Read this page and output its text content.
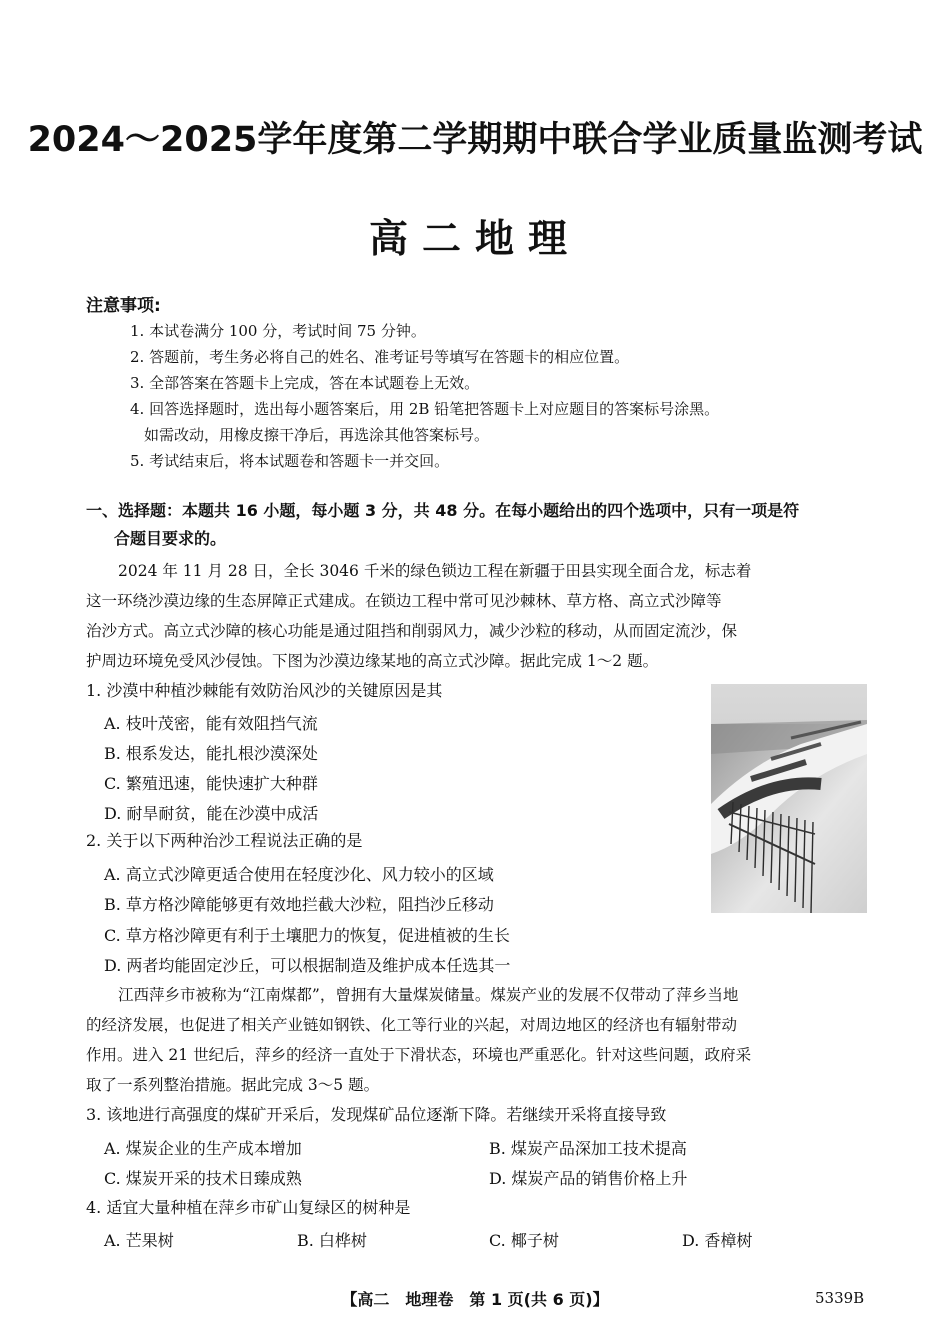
2024～2025学年度第二学期期中联合学业质量监测考试
高二地理
注意事项:
1. 本试卷满分 100 分，考试时间 75 分钟。
2. 答题前，考生务必将自己的姓名、准考证号等填写在答题卡的相应位置。
3. 全部答案在答题卡上完成，答在本试题卷上无效。
4. 回答选择题时，选出每小题答案后，用 2B 铅笔把答题卡上对应题目的答案标号涂黑。
如需改动，用橡皮擦干净后，再选涂其他答案标号。
5. 考试结束后，将本试题卷和答题卡一并交回。
一、选择题：本题共 16 小题，每小题 3 分，共 48 分。在每小题给出的四个选项中，只有一项是符
合题目要求的。
2024 年 11 月 28 日，全长 3046 千米的绿色锁边工程在新疆于田县实现全面合龙，标志着
这一环绕沙漠边缘的生态屏障正式建成。在锁边工程中常可见沙棘林、草方格、高立式沙障等
治沙方式。高立式沙障的核心功能是通过阻挡和削弱风力，减少沙粒的移动，从而固定流沙，保
护周边环境免受风沙侵蚀。下图为沙漠边缘某地的高立式沙障。据此完成 1～2 题。
1. 沙漠中种植沙棘能有效防治风沙的关键原因是其
A. 枝叶茂密，能有效阻挡气流
B. 根系发达，能扎根沙漠深处
C. 繁殖迅速，能快速扩大种群
D. 耐旱耐贫，能在沙漠中成活
2. 关于以下两种治沙工程说法正确的是
A. 高立式沙障更适合使用在轻度沙化、风力较小的区域
B. 草方格沙障能够更有效地拦截大沙粒，阻挡沙丘移动
C. 草方格沙障更有利于土壤肥力的恢复，促进植被的生长
D. 两者均能固定沙丘，可以根据制造及维护成本任选其一
江西萍乡市被称为“江南煤都”，曾拥有大量煤炭储量。煤炭产业的发展不仅带动了萍乡当地
的经济发展，也促进了相关产业链如钢铁、化工等行业的兴起，对周边地区的经济也有辐射带动
作用。进入 21 世纪后，萍乡的经济一直处于下滑状态，环境也严重恶化。针对这些问题，政府采
取了一系列整治措施。据此完成 3～5 题。
3. 该地进行高强度的煤矿开采后，发现煤矿品位逐渐下降。若继续开采将直接导致
A. 煤炭企业的生产成本增加	B. 煤炭产品深加工技术提高
C. 煤炭开采的技术日臻成熟	D. 煤炭产品的销售价格上升
4. 适宜大量种植在萍乡市矿山复绿区的树种是
A. 芒果树	B. 白桦树	C. 椰子树	D. 香樟树
【高二　地理卷　第 1 页(共 6 页)】	5339B
